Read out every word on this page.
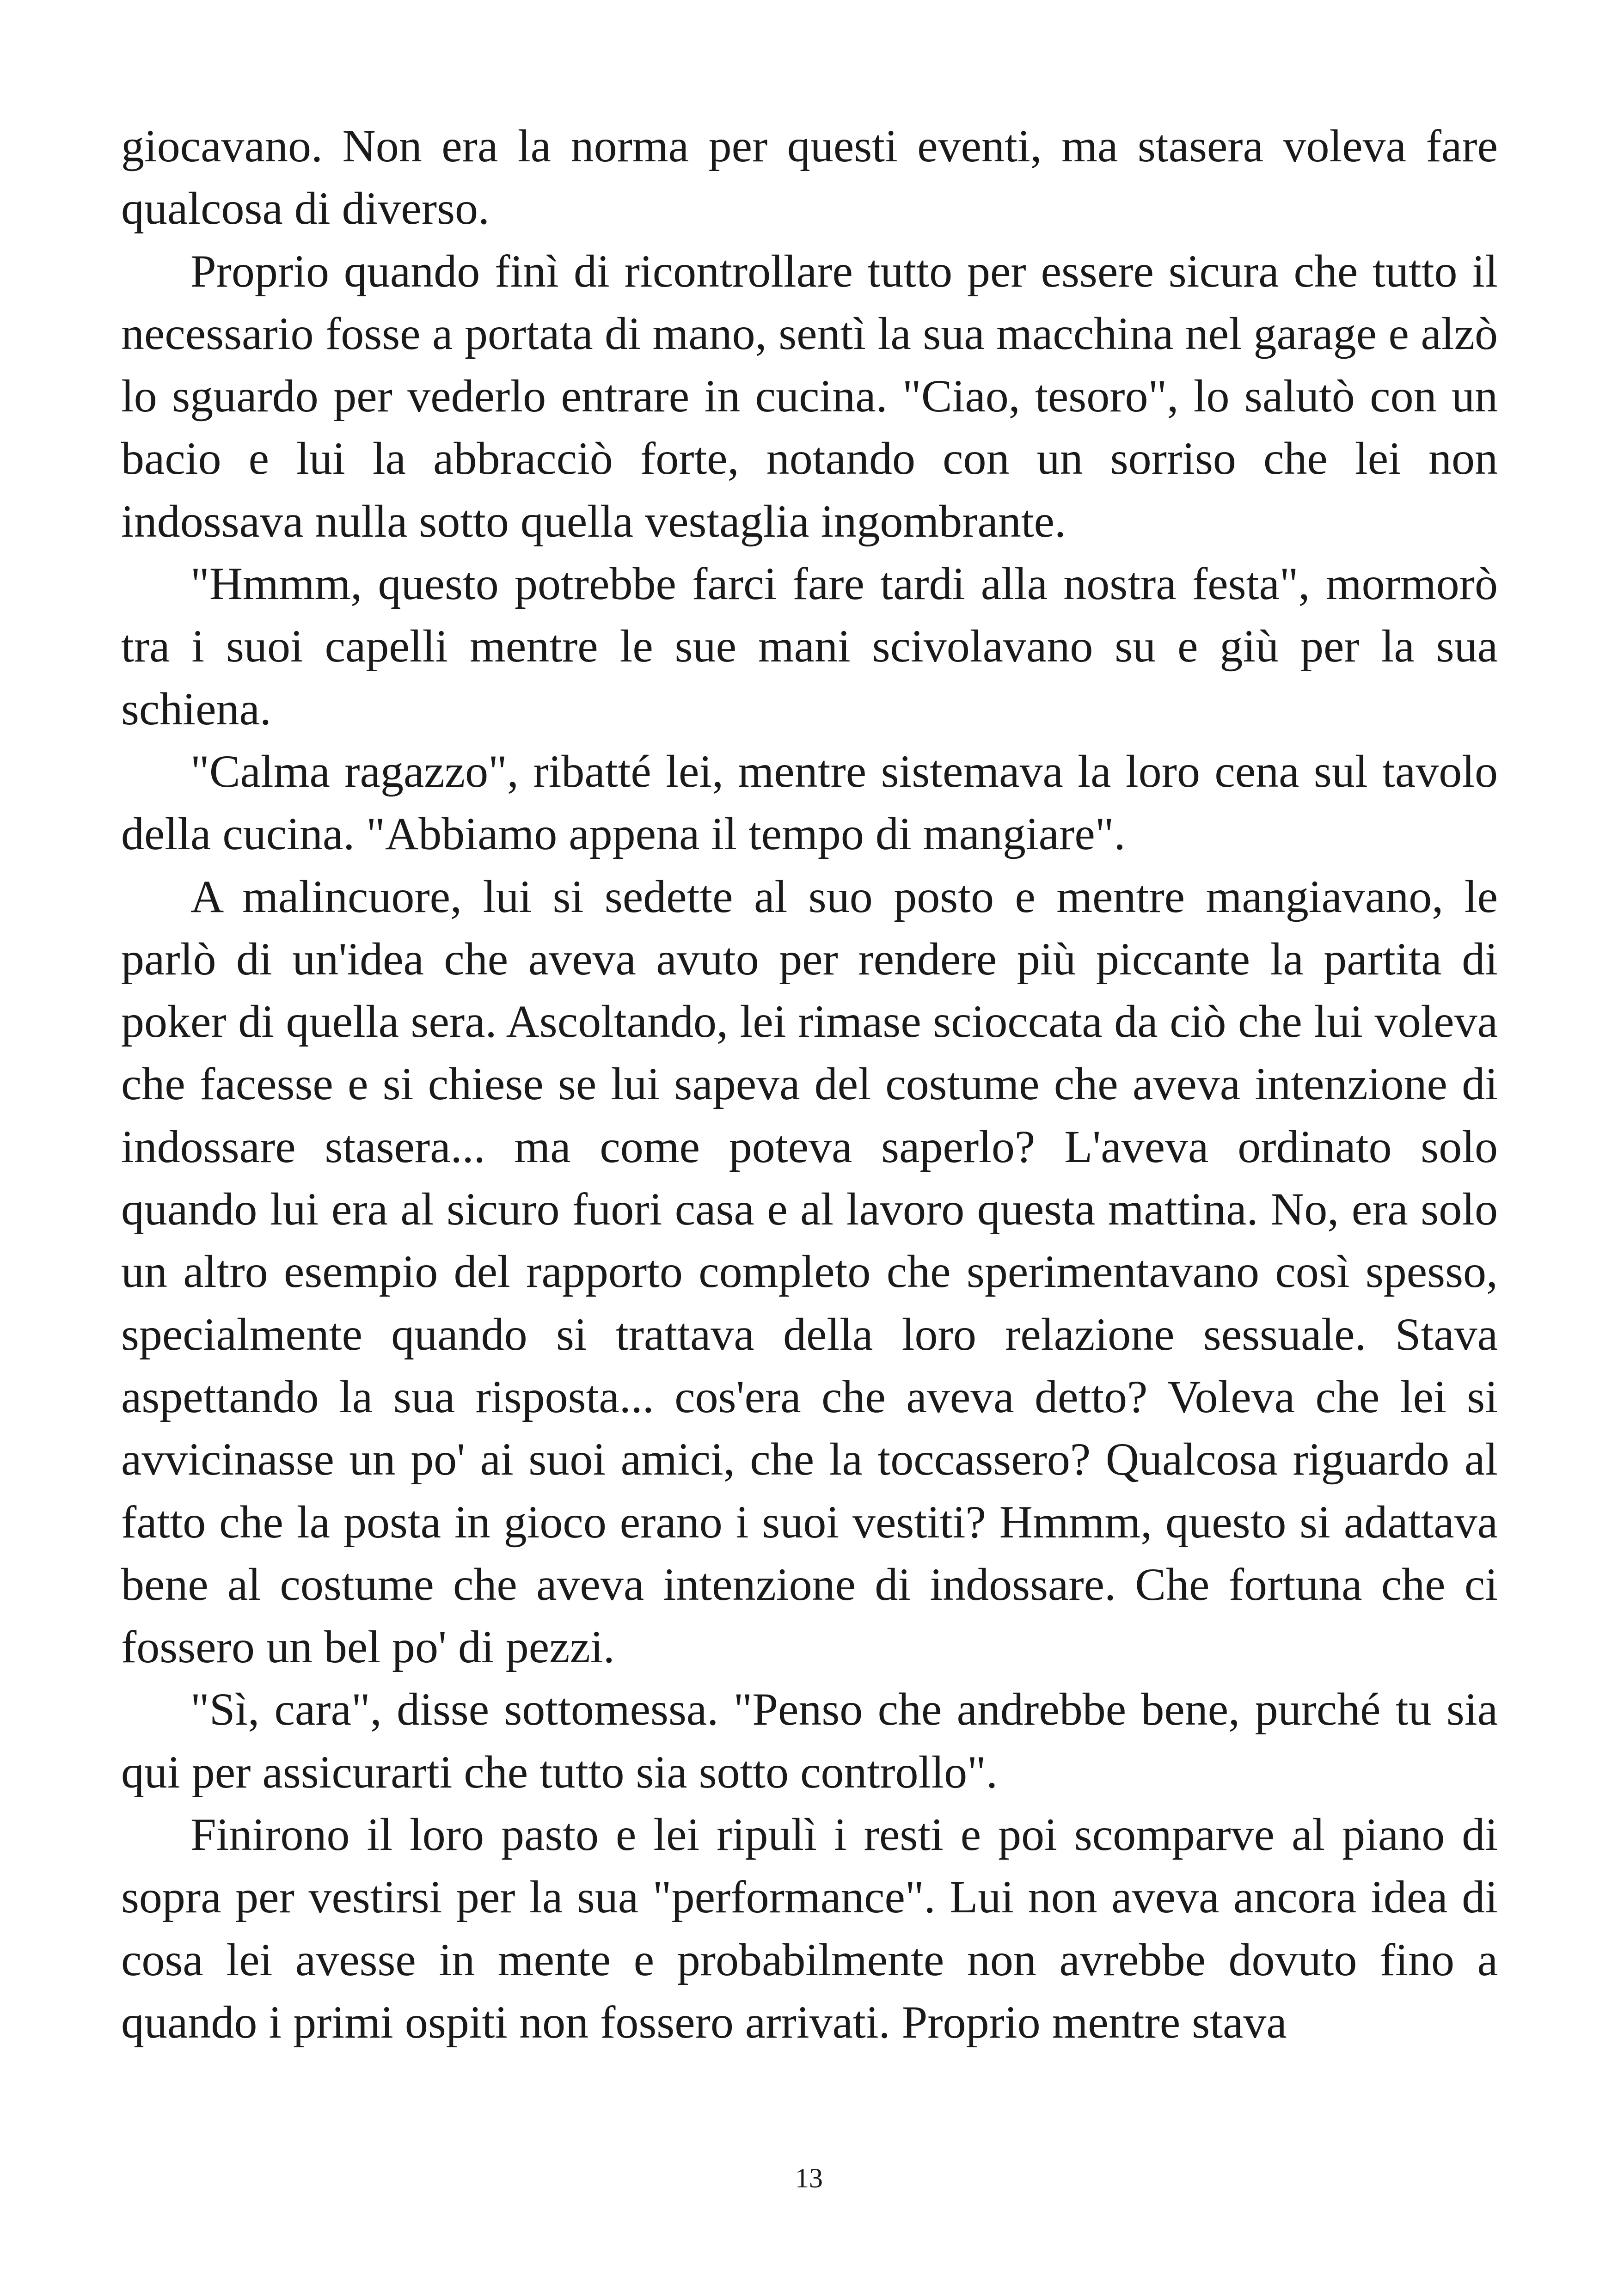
giocavano. Non era la norma per questi eventi, ma stasera voleva fare qualcosa di diverso.

Proprio quando finì di ricontrollare tutto per essere sicura che tutto il necessario fosse a portata di mano, sentì la sua macchina nel garage e alzò lo sguardo per vederlo entrare in cucina. "Ciao, tesoro", lo salutò con un bacio e lui la abbracciò forte, notando con un sorriso che lei non indossava nulla sotto quella vestaglia ingombrante.

"Hmmm, questo potrebbe farci fare tardi alla nostra festa", mormorò tra i suoi capelli mentre le sue mani scivolavano su e giù per la sua schiena.

"Calma ragazzo", ribatté lei, mentre sistemava la loro cena sul tavolo della cucina. "Abbiamo appena il tempo di mangiare".

A malincuore, lui si sedette al suo posto e mentre mangiavano, le parlò di un'idea che aveva avuto per rendere più piccante la partita di poker di quella sera. Ascoltando, lei rimase scioccata da ciò che lui voleva che facesse e si chiese se lui sapeva del costume che aveva intenzione di indossare stasera... ma come poteva saperlo? L'aveva ordinato solo quando lui era al sicuro fuori casa e al lavoro questa mattina. No, era solo un altro esempio del rapporto completo che sperimentavano così spesso, specialmente quando si trattava della loro relazione sessuale. Stava aspettando la sua risposta... cos'era che aveva detto? Voleva che lei si avvicinasse un po' ai suoi amici, che la toccassero? Qualcosa riguardo al fatto che la posta in gioco erano i suoi vestiti? Hmmm, questo si adattava bene al costume che aveva intenzione di indossare. Che fortuna che ci fossero un bel po' di pezzi.

"Sì, cara", disse sottomessa. "Penso che andrebbe bene, purché tu sia qui per assicurarti che tutto sia sotto controllo".

Finirono il loro pasto e lei ripulì i resti e poi scomparve al piano di sopra per vestirsi per la sua "performance". Lui non aveva ancora idea di cosa lei avesse in mente e probabilmente non avrebbe dovuto fino a quando i primi ospiti non fossero arrivati. Proprio mentre stava

13
